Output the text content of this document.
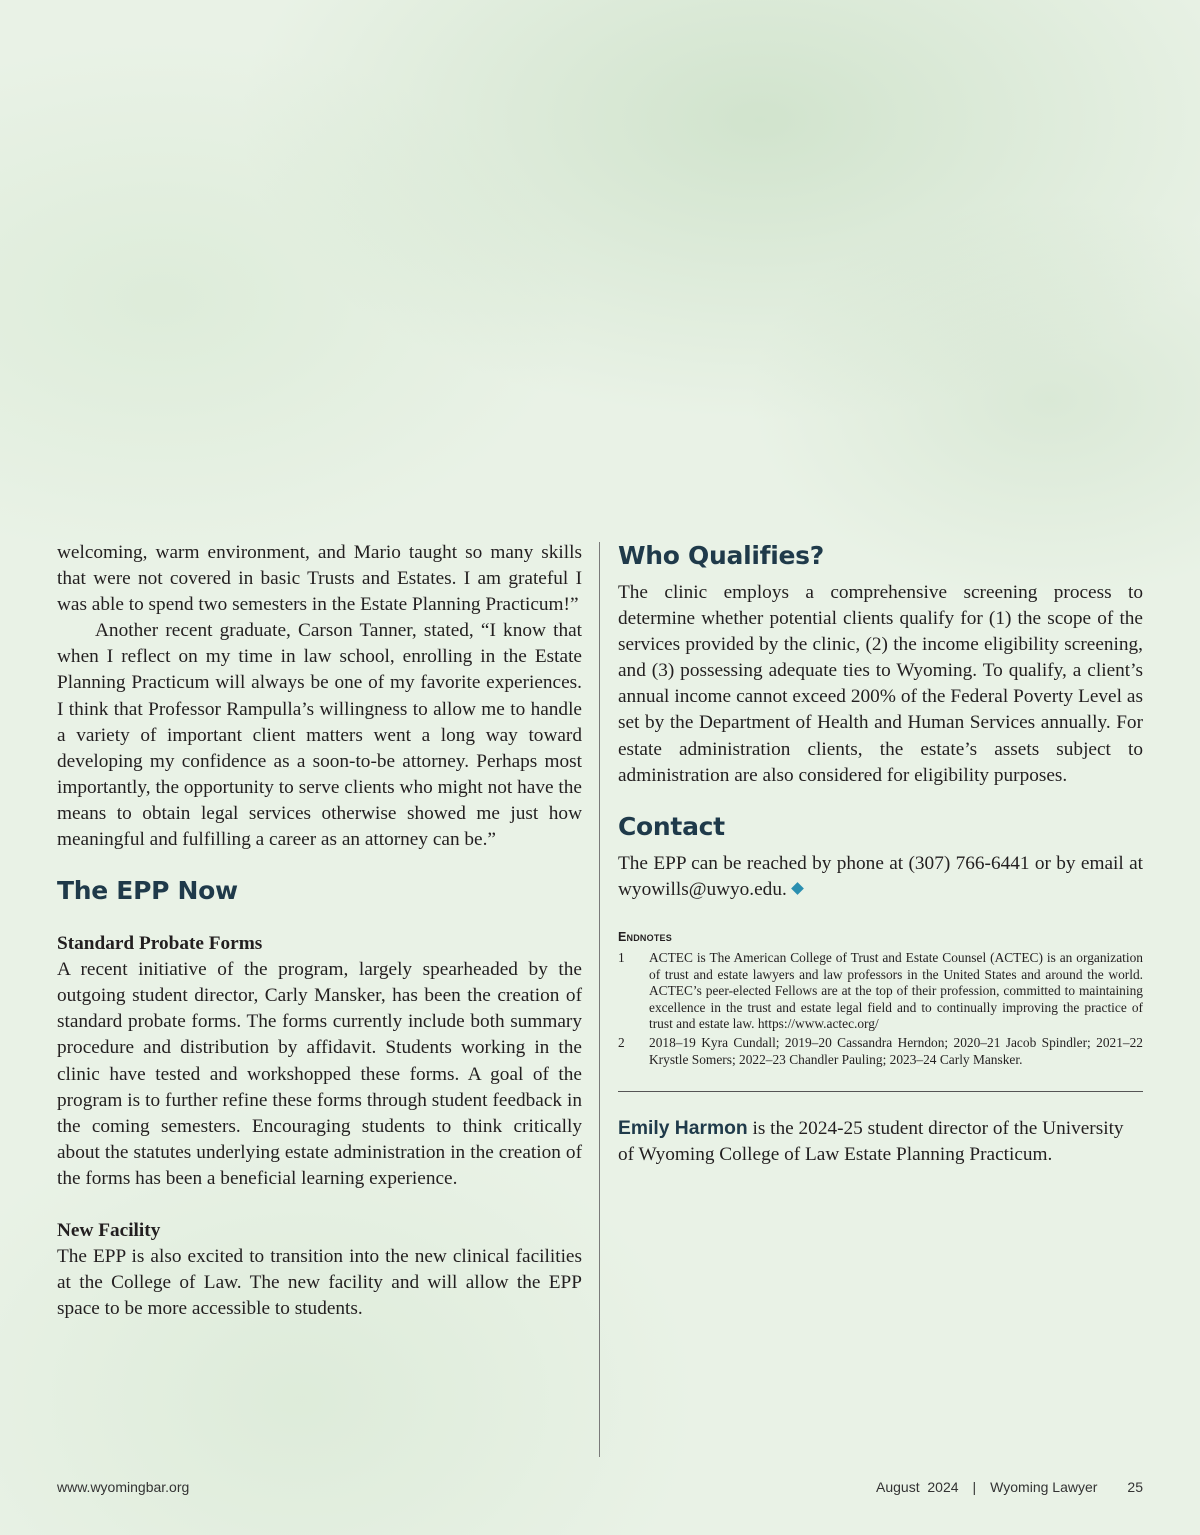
welcoming, warm environment, and Mario taught so many skills that were not covered in basic Trusts and Estates. I am grateful I was able to spend two semesters in the Estate Planning Practicum!”

Another recent graduate, Carson Tanner, stated, “I know that when I reflect on my time in law school, enrolling in the Estate Planning Practicum will always be one of my favorite experiences. I think that Professor Rampulla’s willingness to allow me to handle a variety of important client matters went a long way toward developing my confidence as a soon-to-be attorney. Perhaps most importantly, the opportunity to serve clients who might not have the means to obtain legal services otherwise showed me just how meaningful and fulfilling a career as an attorney can be.”

The EPP Now
Standard Probate Forms

A recent initiative of the program, largely spearheaded by the outgoing student director, Carly Mansker, has been the creation of standard probate forms. The forms currently include both summary procedure and distribution by affidavit. Students working in the clinic have tested and workshopped these forms. A goal of the program is to further refine these forms through student feedback in the coming semesters. Encouraging students to think critically about the statutes underlying estate administration in the creation of the forms has been a beneficial learning experience.

New Facility

The EPP is also excited to transition into the new clinical facilities at the College of Law. The new facility and will allow the EPP space to be more accessible to students.

Who Qualifies?

The clinic employs a comprehensive screening process to determine whether potential clients qualify for (1) the scope of the services provided by the clinic, (2) the income eligibility screening, and (3) possessing adequate ties to Wyoming. To qualify, a client’s annual income cannot exceed 200% of the Federal Poverty Level as set by the Department of Health and Human Services annually. For estate administration clients, the estate’s assets subject to administration are also considered for eligibility purposes.

Contact

The EPP can be reached by phone at (307) 766-6441 or by email at wyowills@uwyo.edu.

Endnotes
1	ACTEC is The American College of Trust and Estate Counsel (ACTEC) is an organization of trust and estate lawyers and law professors in the United States and around the world. ACTEC’s peer-elected Fellows are at the top of their profession, committed to maintaining excellence in the trust and estate legal field and to continually improving the practice of trust and estate law. https://www.actec.org/
2	2018–19 Kyra Cundall; 2019–20 Cassandra Herndon; 2020–21 Jacob Spindler; 2021–22 Krystle Somers; 2022–23 Chandler Pauling; 2023–24 Carly Mansker.

Emily Harmon is the 2024-25 student director of the University of Wyoming College of Law Estate Planning Practicum.

www.wyomingbar.org	August  2024 | Wyoming Lawyer 25
